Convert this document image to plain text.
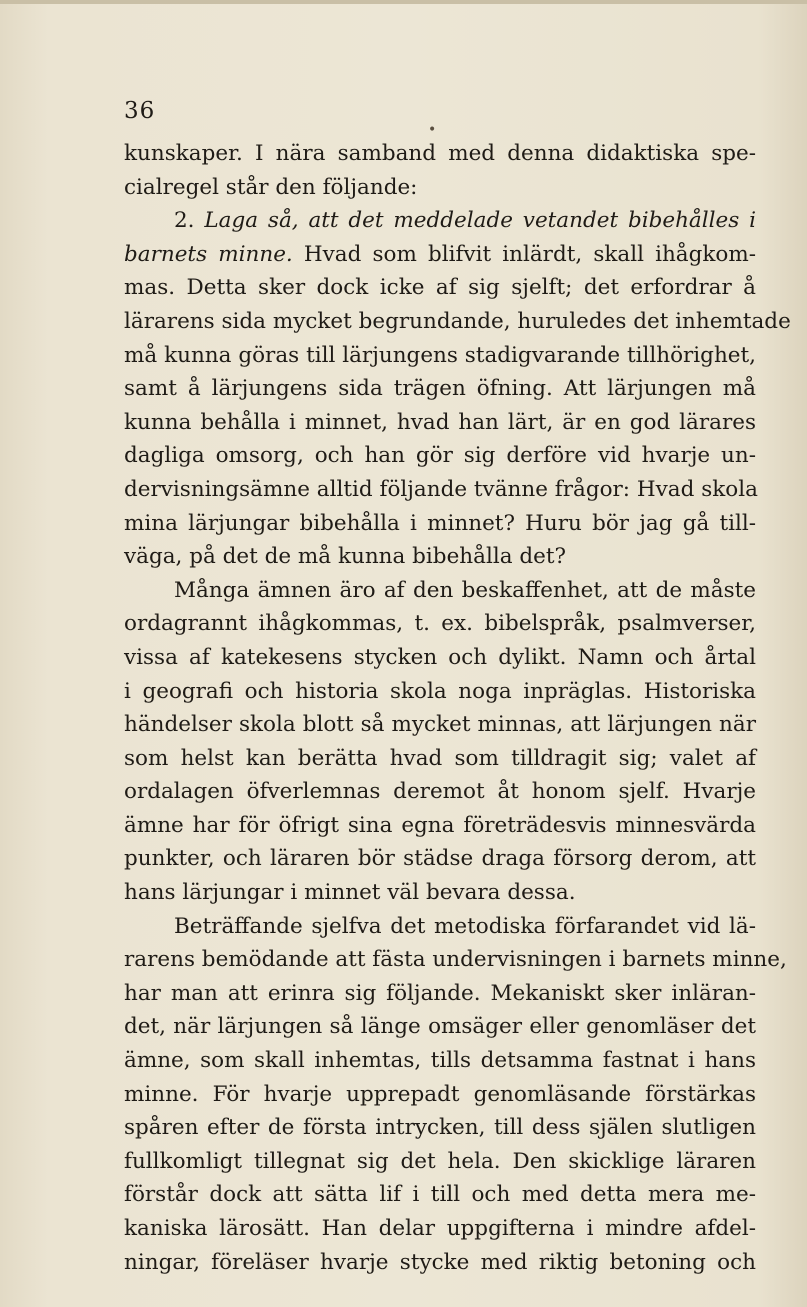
36
•
kunskaper. I nära samband med denna didaktiska spe-
cialregel står den följande:
2. Laga så, att det meddelade vetandet bibehålles i
barnets minne. Hvad som blifvit inlärdt, skall ihågkom-
mas. Detta sker dock icke af sig sjelft; det erfordrar å
lärarens sida mycket begrundande, huruledes det inhemtade
må kunna göras till lärjungens stadigvarande tillhörighet,
samt å lärjungens sida trägen öfning. Att lärjungen må
kunna behålla i minnet, hvad han lärt, är en god lärares
dagliga omsorg, och han gör sig derföre vid hvarje un-
dervisningsämne alltid följande tvänne frågor: Hvad skola
mina lärjungar bibehålla i minnet? Huru bör jag gå till-
väga, på det de må kunna bibehålla det?
Många ämnen äro af den beskaffenhet, att de måste
ordagrannt ihågkommas, t. ex. bibelspråk, psalmverser,
vissa af katekesens stycken och dylikt. Namn och årtal
i geografi och historia skola noga inpräglas. Historiska
händelser skola blott så mycket minnas, att lärjungen när
som helst kan berätta hvad som tilldragit sig; valet af
ordalagen öfverlemnas deremot åt honom sjelf. Hvarje
ämne har för öfrigt sina egna företrädesvis minnesvärda
punkter, och läraren bör städse draga försorg derom, att
hans lärjungar i minnet väl bevara dessa.
Beträffande sjelfva det metodiska förfarandet vid lä-
rarens bemödande att fästa undervisningen i barnets minne,
har man att erinra sig följande. Mekaniskt sker inläran-
det, när lärjungen så länge omsäger eller genomläser det
ämne, som skall inhemtas, tills detsamma fastnat i hans
minne. För hvarje upprepadt genomläsande förstärkas
spåren efter de första intrycken, till dess själen slutligen
fullkomligt tillegnat sig det hela. Den skicklige läraren
förstår dock att sätta lif i till och med detta mera me-
kaniska lärosätt. Han delar uppgifterna i mindre afdel-
ningar, föreläser hvarje stycke med riktig betoning och
